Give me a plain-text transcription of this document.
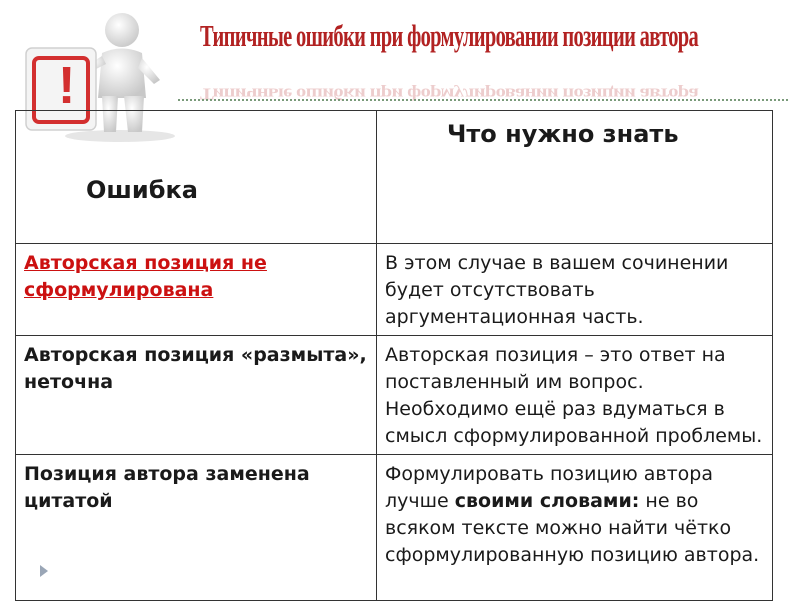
!
Типичные ошибки при формулировании позиции автора
Типичные ошибки при формулировании позиции автора
Ошибка	Что нужно знать
Авторская позиция не сформулирована	В этом случае в вашем сочинении будет отсутствовать аргументационная часть.
Авторская позиция «размыта», неточна	Авторская позиция – это ответ на поставленный им вопрос. Необходимо ещё раз вдуматься в смысл сформулированной проблемы.
Позиция автора заменена цитатой	Формулировать позицию автора лучше своими словами: не во всяком тексте можно найти чётко сформулированную позицию автора.
